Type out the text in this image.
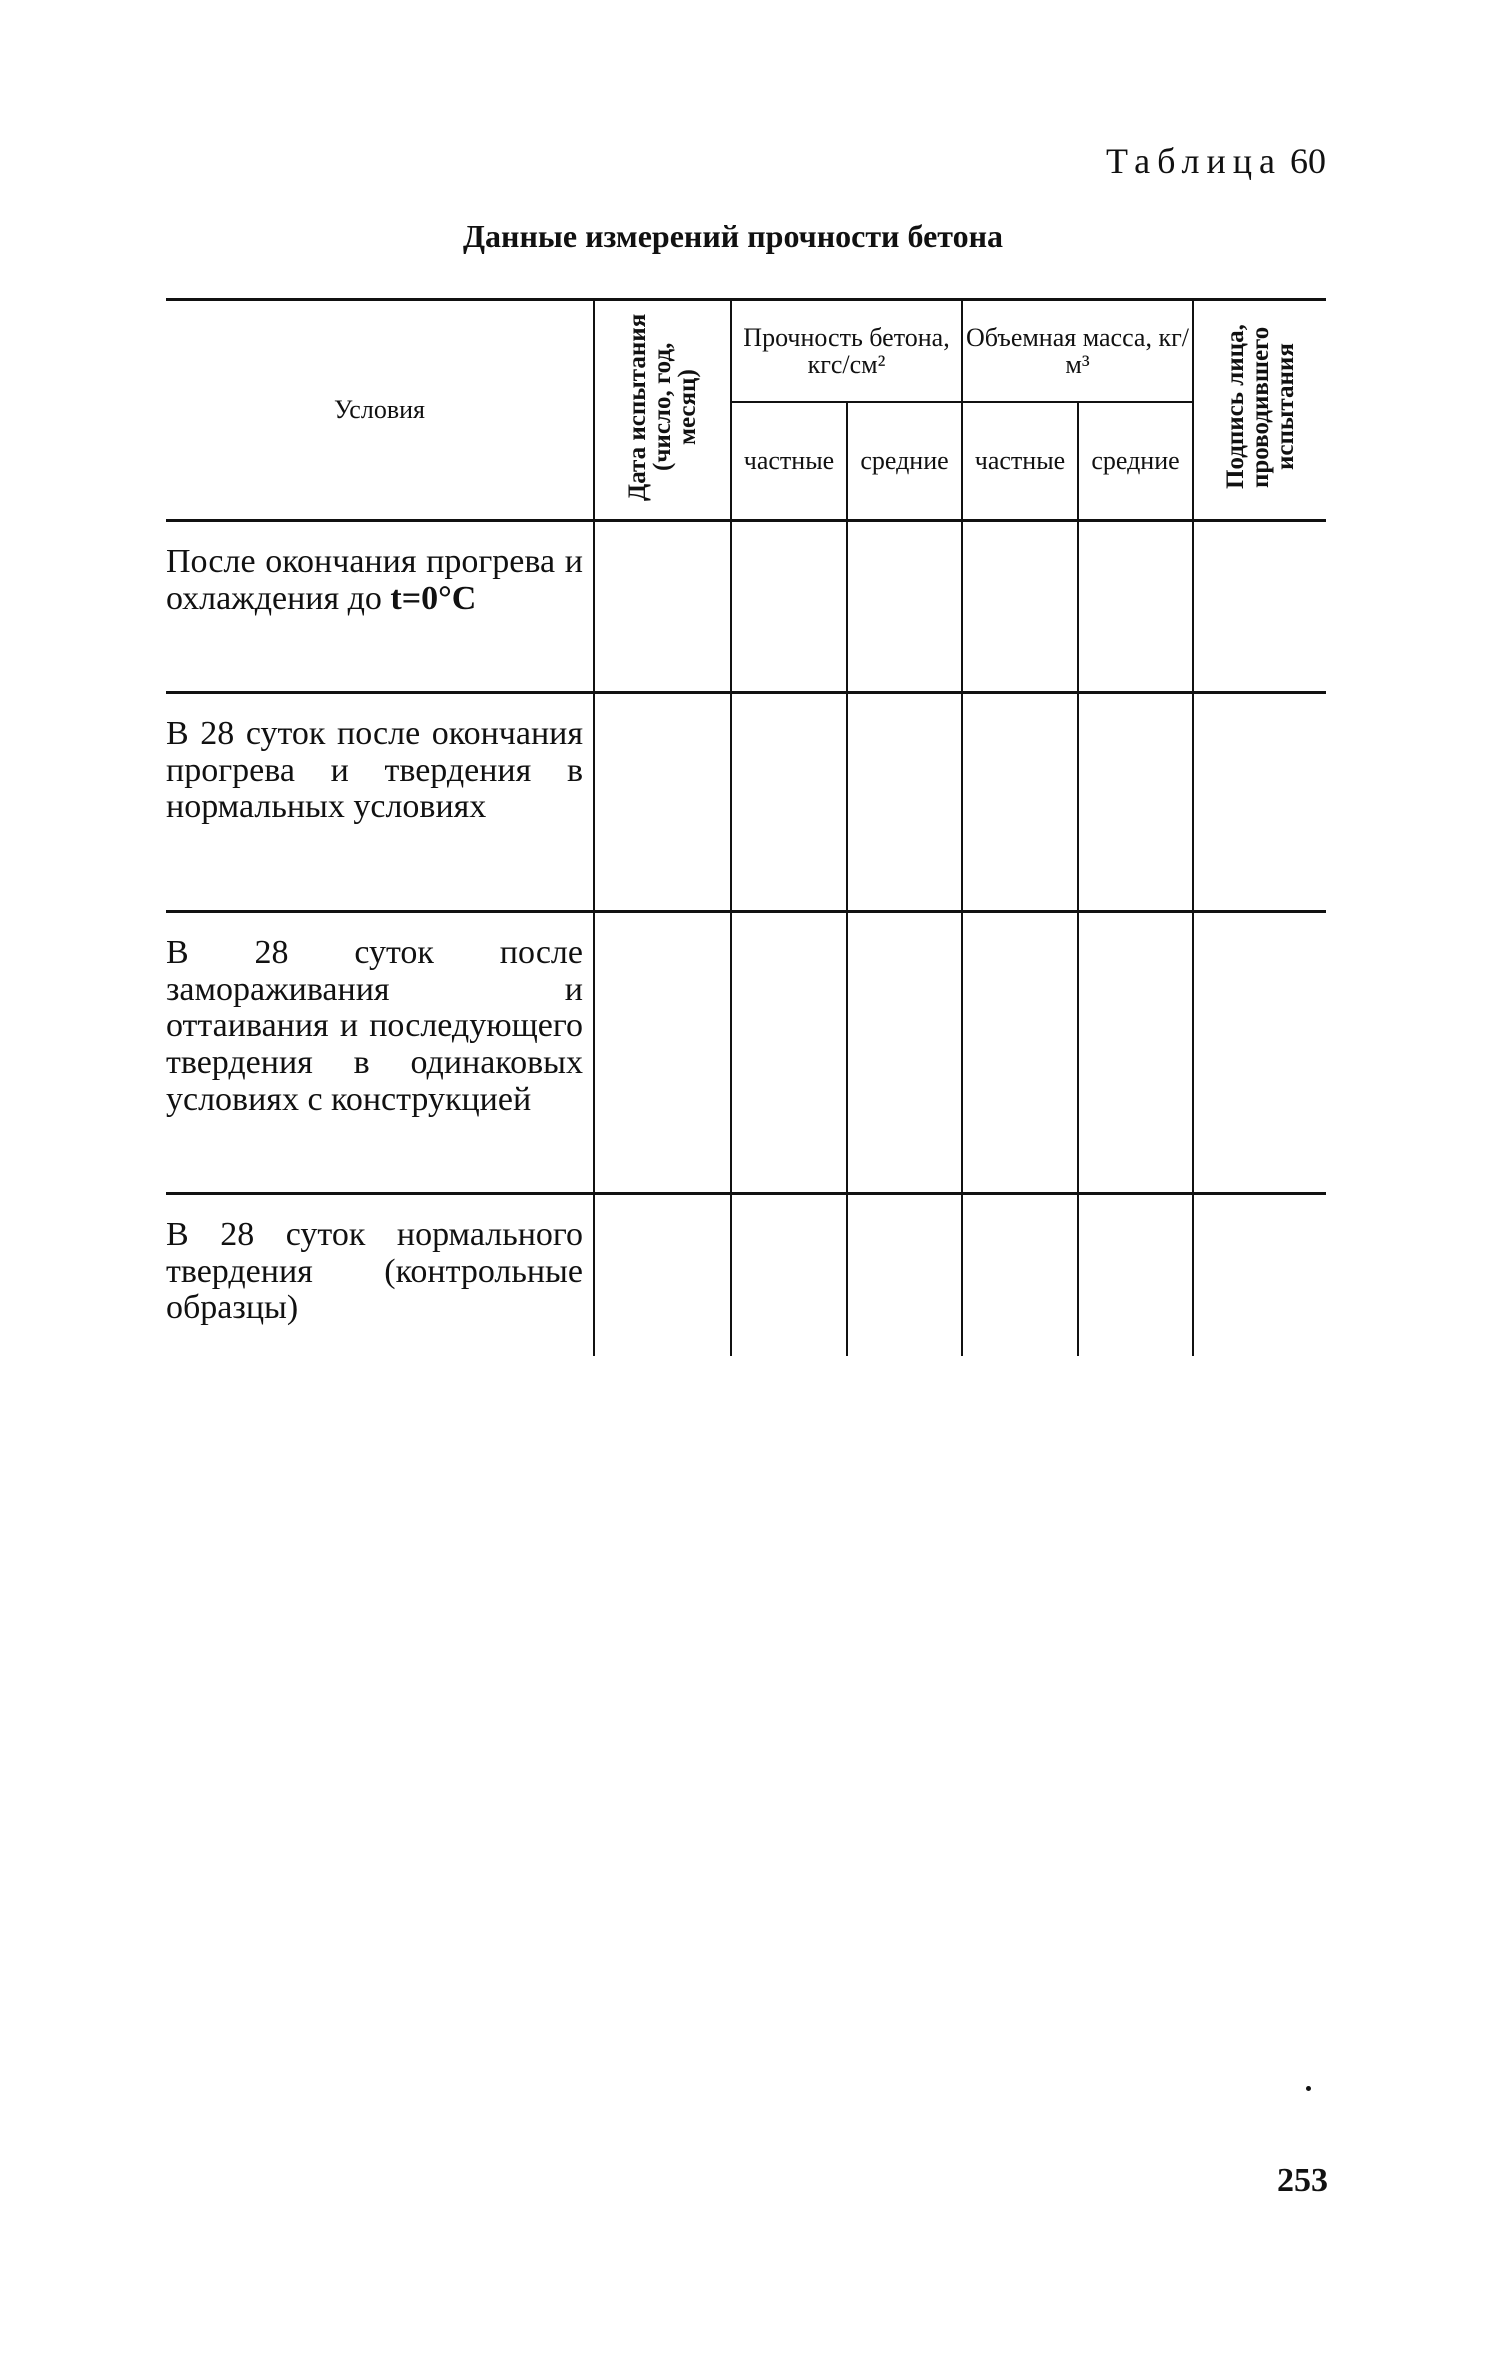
Таблица 60
Данные измерений прочности бетона
Условия	Дата испытания (число, год, месяц)	Прочность бетона, кгс/см²		Объемная масса, кг/м³		Подпись лица, проводившего испытания
		частные	средние	частные	средние	
После окончания прогрева и охлаждения до t=0°C						
В 28 суток после окончания прогрева и твердения в нормальных условиях						
В 28 суток после замораживания и оттаивания и последующего твердения в одинаковых условиях с конструкцией						
В 28 суток нормального твердения (контрольные образцы)						
253
